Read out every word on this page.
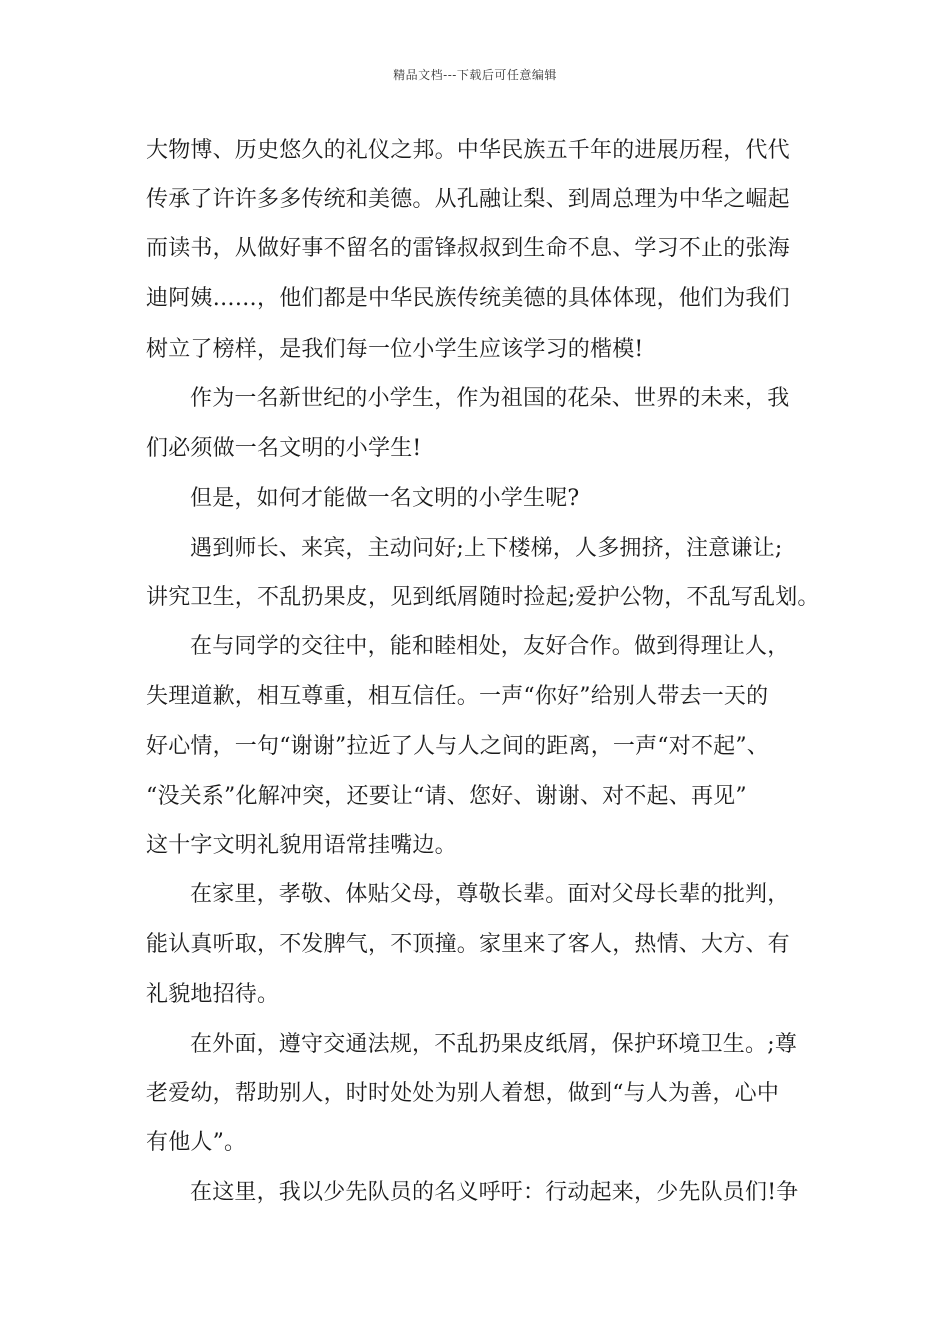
精品文档---下载后可任意编辑
大物博、历史悠久的礼仪之邦。中华民族五千年的进展历程，代代
传承了许许多多传统和美德。从孔融让梨、到周总理为中华之崛起
而读书，从做好事不留名的雷锋叔叔到生命不息、学习不止的张海
迪阿姨……，他们都是中华民族传统美德的具体体现，他们为我们
树立了榜样，是我们每一位小学生应该学习的楷模!
作为一名新世纪的小学生，作为祖国的花朵、世界的未来，我
们必须做一名文明的小学生!
但是，如何才能做一名文明的小学生呢?
遇到师长、来宾，主动问好;上下楼梯，人多拥挤，注意谦让;
讲究卫生，不乱扔果皮，见到纸屑随时捡起;爱护公物，不乱写乱划。
在与同学的交往中，能和睦相处，友好合作。做到得理让人，
失理道歉，相互尊重，相互信任。一声“你好”给别人带去一天的
好心情，一句“谢谢”拉近了人与人之间的距离，一声“对不起”、
“没关系”化解冲突，还要让“请、您好、谢谢、对不起、再见”
这十字文明礼貌用语常挂嘴边。
在家里，孝敬、体贴父母，尊敬长辈。面对父母长辈的批判，
能认真听取，不发脾气，不顶撞。家里来了客人，热情、大方、有
礼貌地招待。
在外面，遵守交通法规，不乱扔果皮纸屑，保护环境卫生。;尊
老爱幼，帮助别人，时时处处为别人着想，做到“与人为善，心中
有他人”。
在这里，我以少先队员的名义呼吁：行动起来，少先队员们!争
